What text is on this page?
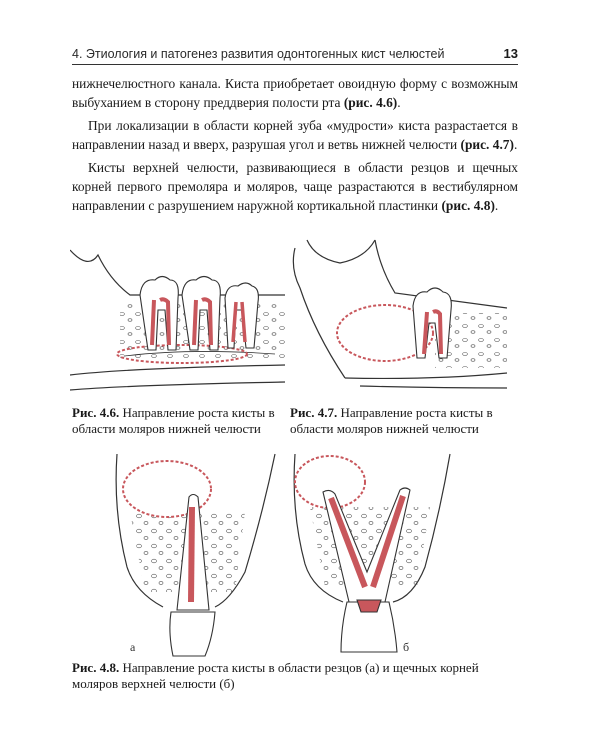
4. Этиология и патогенез развития одонтогенных кист челюстей	13

нижнечелюстного канала. Киста приобретает овоидную форму с возможным выбуханием в сторону преддверия полости рта (рис. 4.6).

При локализации в области корней зуба «мудрости» киста разрастается в направлении назад и вверх, разрушая угол и ветвь нижней челюсти (рис. 4.7).

Кисты верхней челюсти, развивающиеся в области резцов и щечных корней первого премоляра и моляров, чаще разрастаются в вестибулярном направлении с разрушением наружной кортикальной пластинки (рис. 4.8).

Рис. 4.6. Направление роста кисты в области моляров нижней челюсти
Рис. 4.7. Направление роста кисты в области моляров нижней челюсти
а	б
Рис. 4.8. Направление роста кисты в области резцов (а) и щечных корней моляров верхней челюсти (б)
